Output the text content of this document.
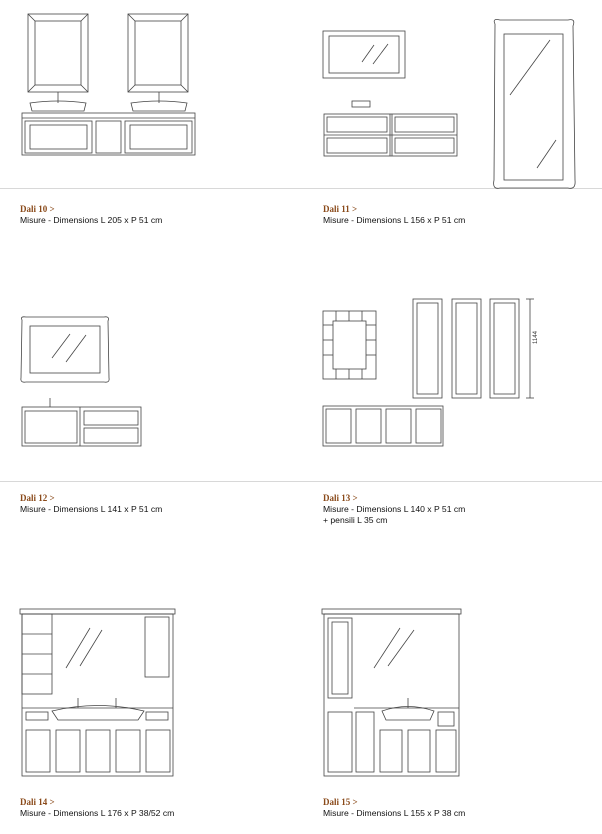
1144
Dali 10 >
Misure - Dimensions L 205 x P 51 cm
Dali 11 >
Misure - Dimensions L 156 x P 51 cm
Dali 12 >
Misure - Dimensions L 141 x P 51 cm
Dali 13 >
Misure - Dimensions L 140 x P 51 cm
+ pensili L 35 cm
Dali 14 >
Misure - Dimensions L 176 x P 38/52 cm
Dali 15 >
Misure - Dimensions L 155 x P 38 cm
